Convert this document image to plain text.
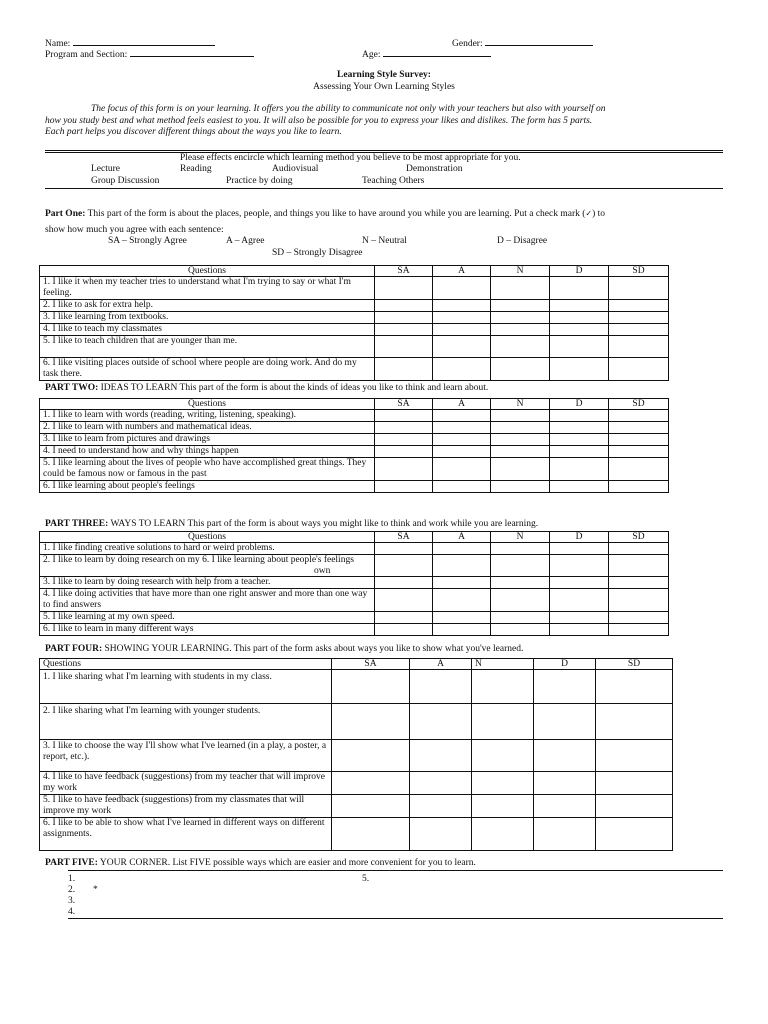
Name:	Gender:
Program and Section:	Age:
Learning Style Survey:
Assessing Your Own Learning Styles
The focus of this form is on your learning. It offers you the ability to communicate not only with your teachers but also with yourself on
how you study best and what method feels easiest to you. It will also be possible for you to express your likes and dislikes. The form has 5 parts.
Each part helps you discover different things about the ways you like to learn.
Please effects encircle which learning method you believe to be most appropriate for you.
Lecture	Reading	Audiovisual	Demonstration
Group Discussion	Practice by doing	Teaching Others
Part One: This part of the form is about the places, people, and things you like to have around you while you are learning. Put a check mark (✓) to
show how much you agree with each sentence:
SA – Strongly Agree	A – Agree	N – Neutral	D – Disagree
SD – Strongly Disagree
Questions	SA	A	N	D	SD
1. I like it when my teacher tries to understand what I'm trying to say or what I'm feeling.					
2. I like to ask for extra help.					
3. I like learning from textbooks.					
4. I like to teach my classmates					
5. I like to teach children that are younger than me.					
6. I like visiting places outside of school where people are doing work. And do my task there.					
PART TWO: IDEAS TO LEARN This part of the form is about the kinds of ideas you like to think and learn about.
Questions	SA	A	N	D	SD
1. I like to learn with words (reading, writing, listening, speaking).					
2. I like to learn with numbers and mathematical ideas.					
3. I like to learn from pictures and drawings					
4. I need to understand how and why things happen					
5. I like learning about the lives of people who have accomplished great things. They could be famous now or famous in the past					
6. I like learning about people's feelings					
PART THREE: WAYS TO LEARN This part of the form is about ways you might like to think and work while you are learning.
Questions	SA	A	N	D	SD
1. I like finding creative solutions to hard or weird problems.					
2. I like to learn by doing research on my 6. I like learning about people's feelings
own					

3. I like to learn by doing research with help from a teacher.					
4. I like doing activities that have more than one right answer and more than one way to find answers					
5. I like learning at my own speed.					
6. I like to learn in many different ways					
PART FOUR: SHOWING YOUR LEARNING. This part of the form asks about ways you like to show what you've learned.
Questions	SA	A	N	D	SD
1. I like sharing what I'm learning with students in my class.					
2. I like sharing what I'm learning with younger students.					
3. I like to choose the way I'll show what I've learned (in a play, a poster, a report, etc.).					
4. I like to have feedback (suggestions) from my teacher that will improve my work					
5. I like to have feedback (suggestions) from my classmates that will improve my work					
6. I like to be able to show what I've learned in different ways on different assignments.					
PART FIVE: YOUR CORNER. List FIVE possible ways which are easier and more convenient for you to learn.
1.
2. *
3.
4.
5.
